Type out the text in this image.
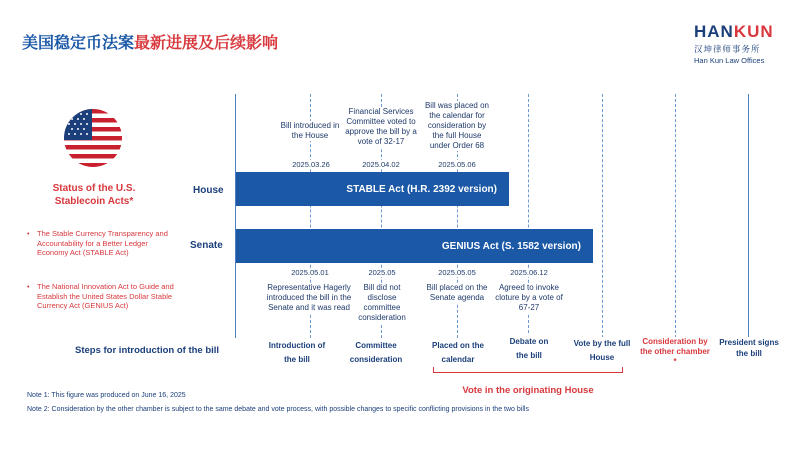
美国稳定币法案最新进展及后续影响
HANKUN
汉坤律师事务所
Han Kun Law Offices
Status of the U.S. Stablecoin Acts*
• The Stable Currency Transparency and Accountability for a Better Ledger Economy Act (STABLE Act)
• The National Innovation Act to Guide and Establish the United States Dollar Stable Currency Act (GENIUS Act)
Bill introduced in the House
2025.03.26
Financial Services Committee voted to approve the bill by a vote of 32-17
2025.04.02
Bill was placed on the calendar for consideration by the full House under Order 68
2025.05.06
House
Senate
STABLE Act (H.R. 2392 version)
GENIUS Act (S. 1582 version)
2025.05.01
Representative Hagerly introduced the bill in the Senate and it was read
2025.05
Bill did not disclose committee consideration
2025.05.05
Bill placed on the Senate agenda
2025.06.12
Agreed to invoke cloture by a vote of 67-27
Steps for introduction of the bill	Introduction of the bill
Committee consideration
Placed on the calendar
Debate on the bill
Vote by the full House
Consideration by the other chamber *
President signs the bill
Vote in the originating House
Note 1: This figure was produced on June 16, 2025
Note 2: Consideration by the other chamber is subject to the same debate and vote process, with possible changes to specific conflicting provisions in the two bills
